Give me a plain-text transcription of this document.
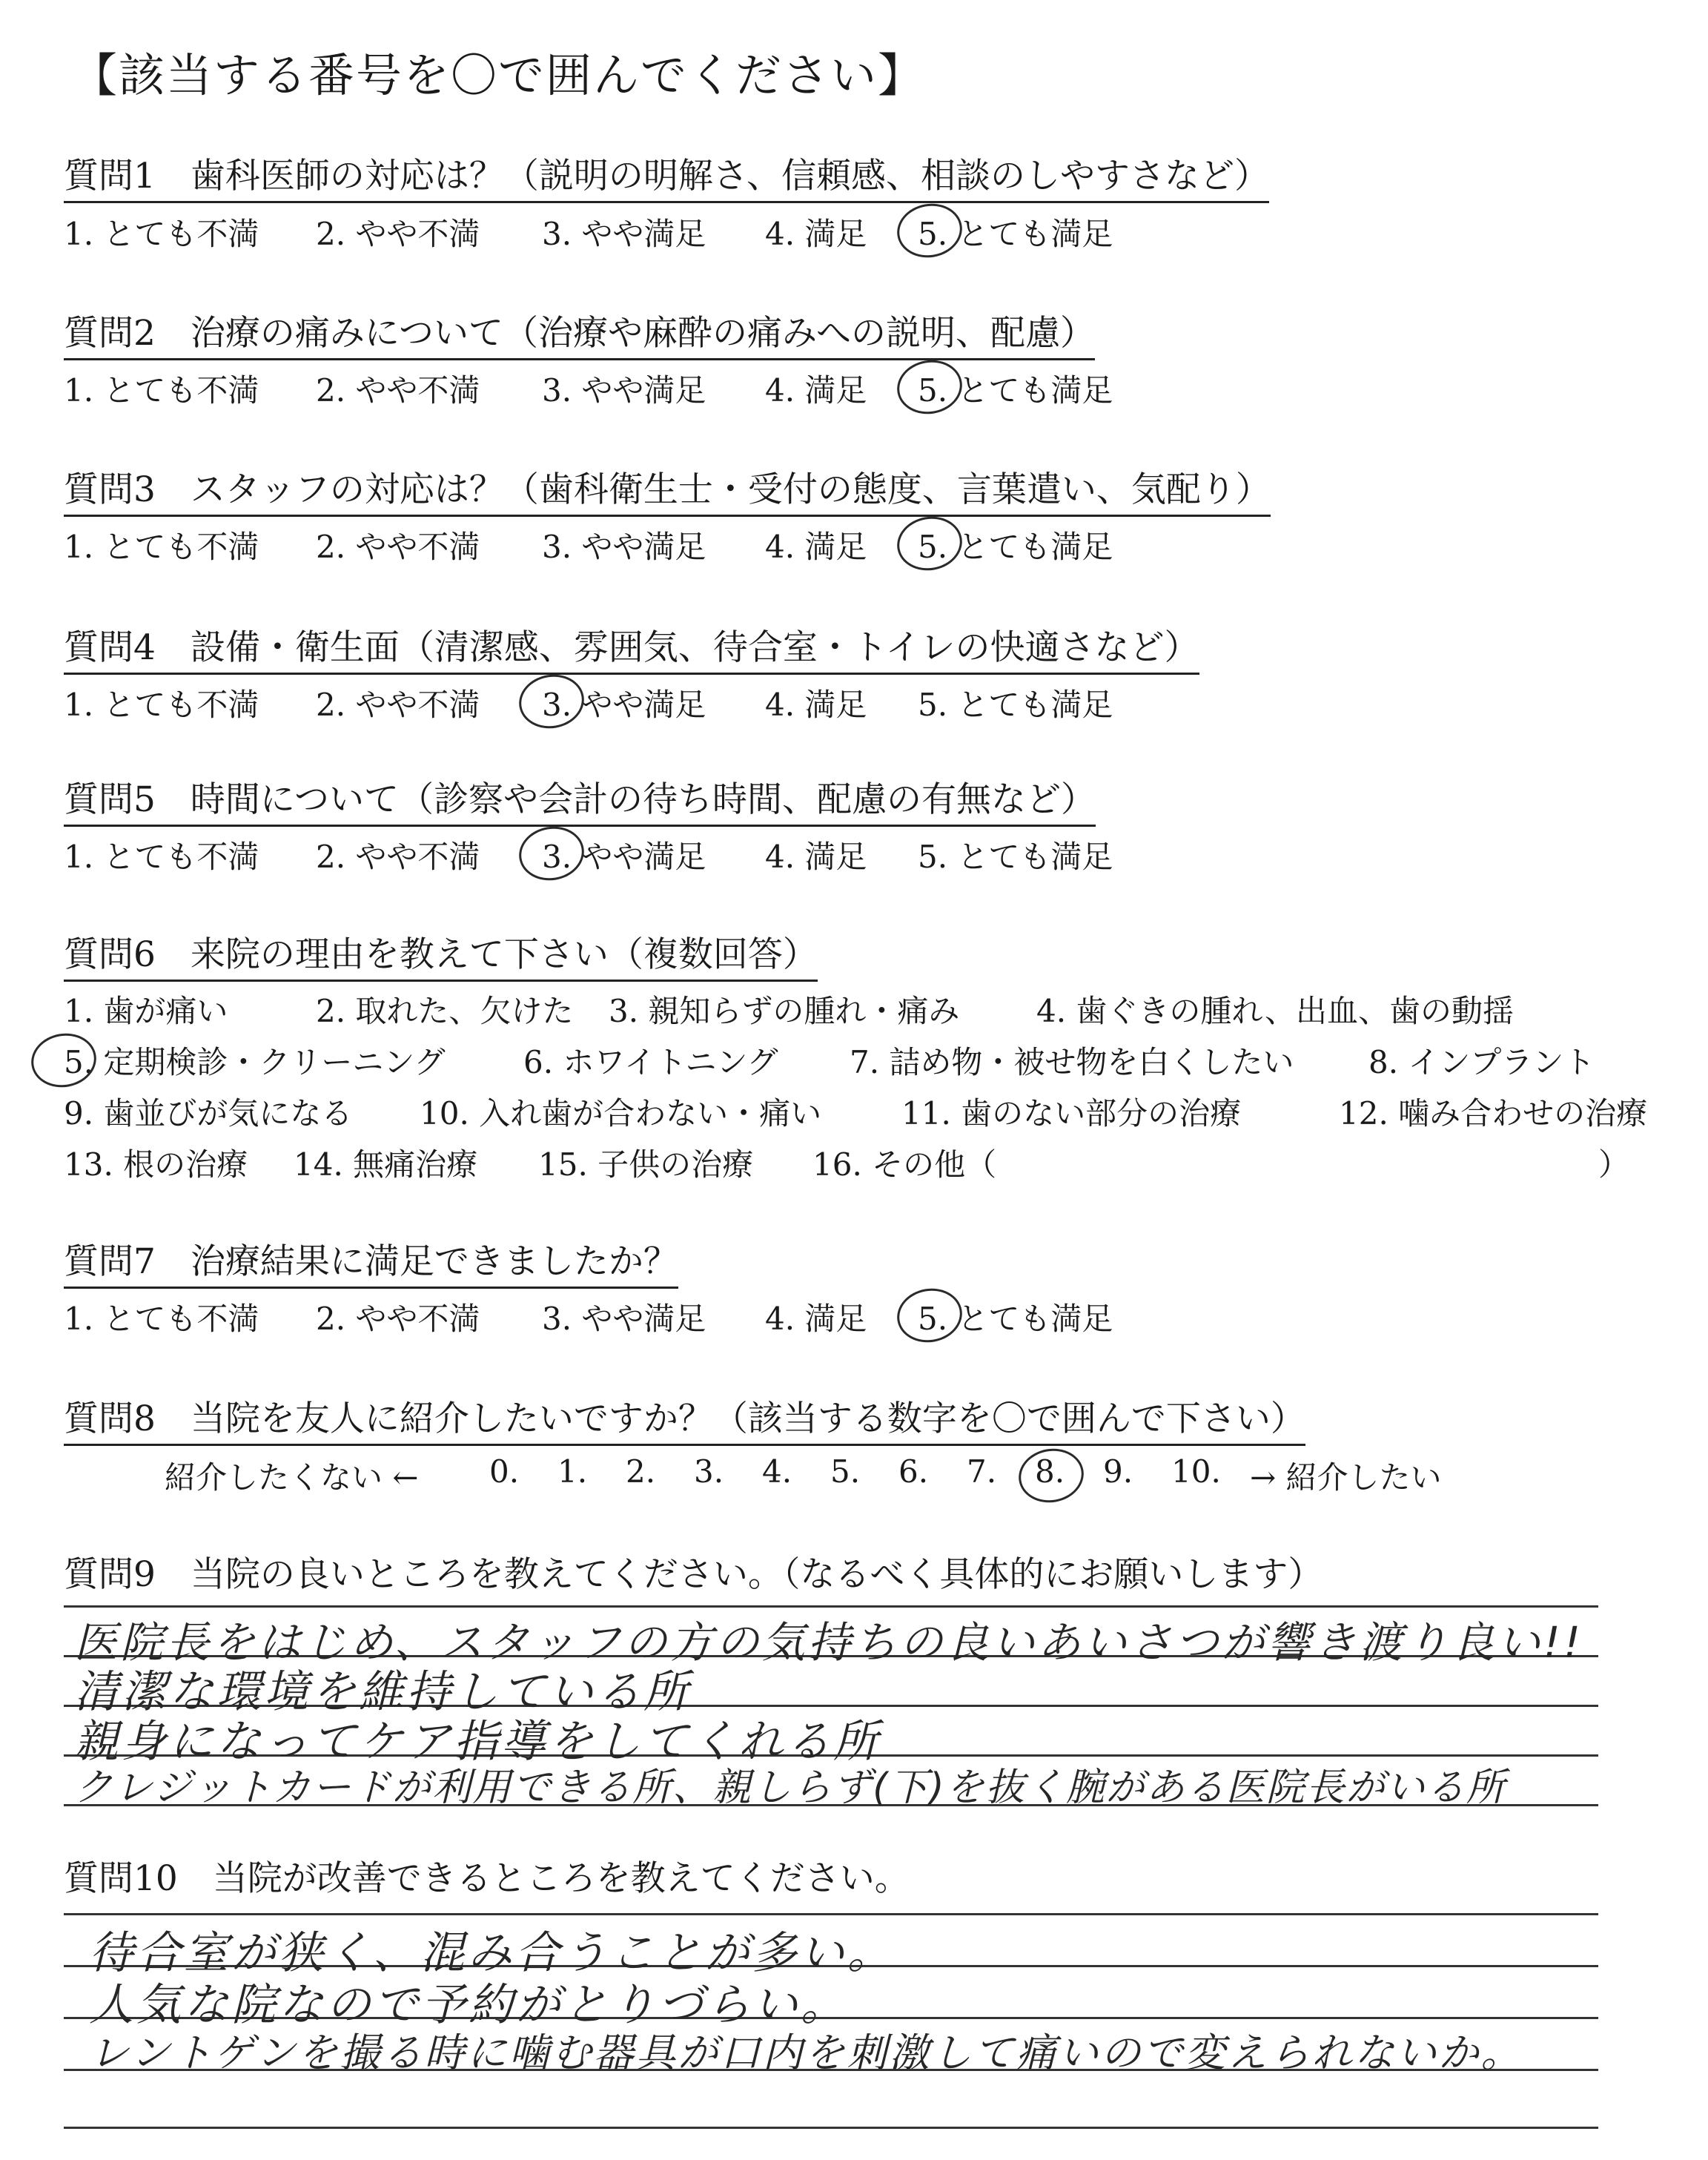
【該当する番号を〇で囲んでください】
質問1　歯科医師の対応は？（説明の明解さ、信頼感、相談のしやすさなど）
1. とても不満 2. やや不満 3. やや満足 4. 満足 5. とても満足
質問2　治療の痛みについて（治療や麻酔の痛みへの説明、配慮）
1. とても不満 2. やや不満 3. やや満足 4. 満足 5. とても満足
質問3　スタッフの対応は？（歯科衛生士・受付の態度、言葉遣い、気配り）
1. とても不満 2. やや不満 3. やや満足 4. 満足 5. とても満足
質問4　設備・衛生面（清潔感、雰囲気、待合室・トイレの快適さなど）
1. とても不満 2. やや不満 3. やや満足 4. 満足 5. とても満足
質問5　時間について（診察や会計の待ち時間、配慮の有無など）
1. とても不満 2. やや不満 3. やや満足 4. 満足 5. とても満足
質問6　来院の理由を教えて下さい（複数回答）
1. 歯が痛い	2. 取れた、欠けた 3. 親知らずの腫れ・痛み 4. 歯ぐきの腫れ、出血、歯の動揺
5. 定期検診・クリーニング	6. ホワイトニング 7. 詰め物・被せ物を白くしたい 8. インプラント
9. 歯並びが気になる 10. 入れ歯が合わない・痛い	11. 歯のない部分の治療	12. 噛み合わせの治療
13. 根の治療 14. 無痛治療 15. 子供の治療 16. その他（	）
質問7　治療結果に満足できましたか？
1. とても不満 2. やや不満 3. やや満足 4. 満足 5. とても満足
質問8　当院を友人に紹介したいですか？（該当する数字を〇で囲んで下さい）
紹介したくない ← 0. 1. 2. 3. 4. 5. 6. 7. 8. 9. 10. → 紹介したい
質問9　当院の良いところを教えてください。（なるべく具体的にお願いします）
医院長をはじめ、スタッフの方の気持ちの良いあいさつが響き渡り良い!!
清潔な環境を維持している所
親身になってケア指導をしてくれる所
クレジットカードが利用できる所、親しらず(下)を抜く腕がある医院長がいる所
質問10　当院が改善できるところを教えてください。
待合室が狭く、混み合うことが多い。
人気な院なので予約がとりづらい。
レントゲンを撮る時に噛む器具が口内を刺激して痛いので変えられないか。
